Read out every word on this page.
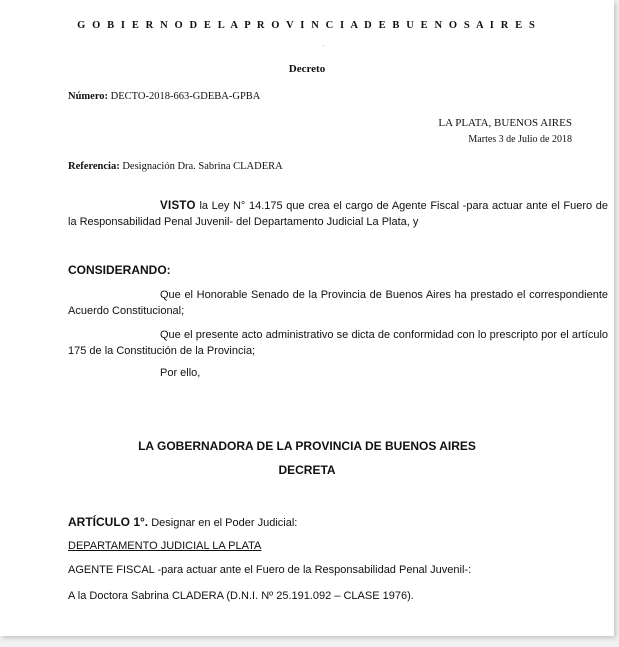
G O B I E R N O D E L A P R O V I N C I A D E B U E N O S A I R E S
·
Decreto
Número: DECTO-2018-663-GDEBA-GPBA
LA PLATA, BUENOS AIRES
Martes 3 de Julio de 2018
Referencia: Designación Dra. Sabrina CLADERA
VISTO la Ley N° 14.175 que crea el cargo de Agente Fiscal -para actuar ante el Fuero de la Responsabilidad Penal Juvenil- del Departamento Judicial La Plata, y
CONSIDERANDO:
Que el Honorable Senado de la Provincia de Buenos Aires ha prestado el correspondiente Acuerdo Constitucional;
Que el presente acto administrativo se dicta de conformidad con lo prescripto por el artículo 175 de la Constitución de la Provincia;
Por ello,
LA GOBERNADORA DE LA PROVINCIA DE BUENOS AIRES
DECRETA
ARTÍCULO 1°. Designar en el Poder Judicial:
DEPARTAMENTO JUDICIAL LA PLATA
AGENTE FISCAL -para actuar ante el Fuero de la Responsabilidad Penal Juvenil-:
A la Doctora Sabrina CLADERA (D.N.I. Nº 25.191.092 – CLASE 1976).
